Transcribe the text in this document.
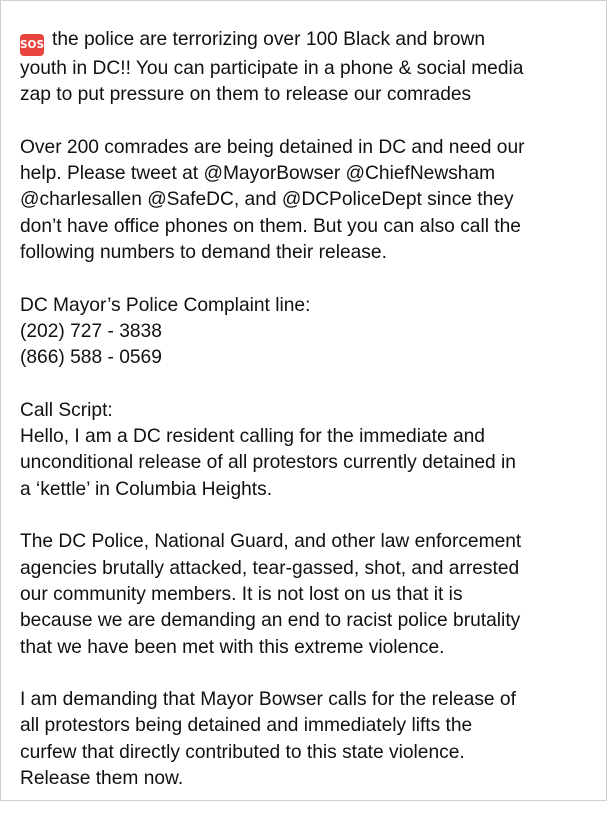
SOS the police are terrorizing over 100 Black and brown
youth in DC!! You can participate in a phone & social media
zap to put pressure on them to release our comrades

Over 200 comrades are being detained in DC and need our
help. Please tweet at @MayorBowser @ChiefNewsham
@charlesallen @SafeDC, and @DCPoliceDept since they
don’t have office phones on them. But you can also call the
following numbers to demand their release.

DC Mayor’s Police Complaint line:
(202) 727 - 3838
(866) 588 - 0569

Call Script:
Hello, I am a DC resident calling for the immediate and
unconditional release of all protestors currently detained in
a ‘kettle’ in Columbia Heights.

The DC Police, National Guard, and other law enforcement
agencies brutally attacked, tear-gassed, shot, and arrested
our community members. It is not lost on us that it is
because we are demanding an end to racist police brutality
that we have been met with this extreme violence.

I am demanding that Mayor Bowser calls for the release of
all protestors being detained and immediately lifts the
curfew that directly contributed to this state violence.
Release them now.
